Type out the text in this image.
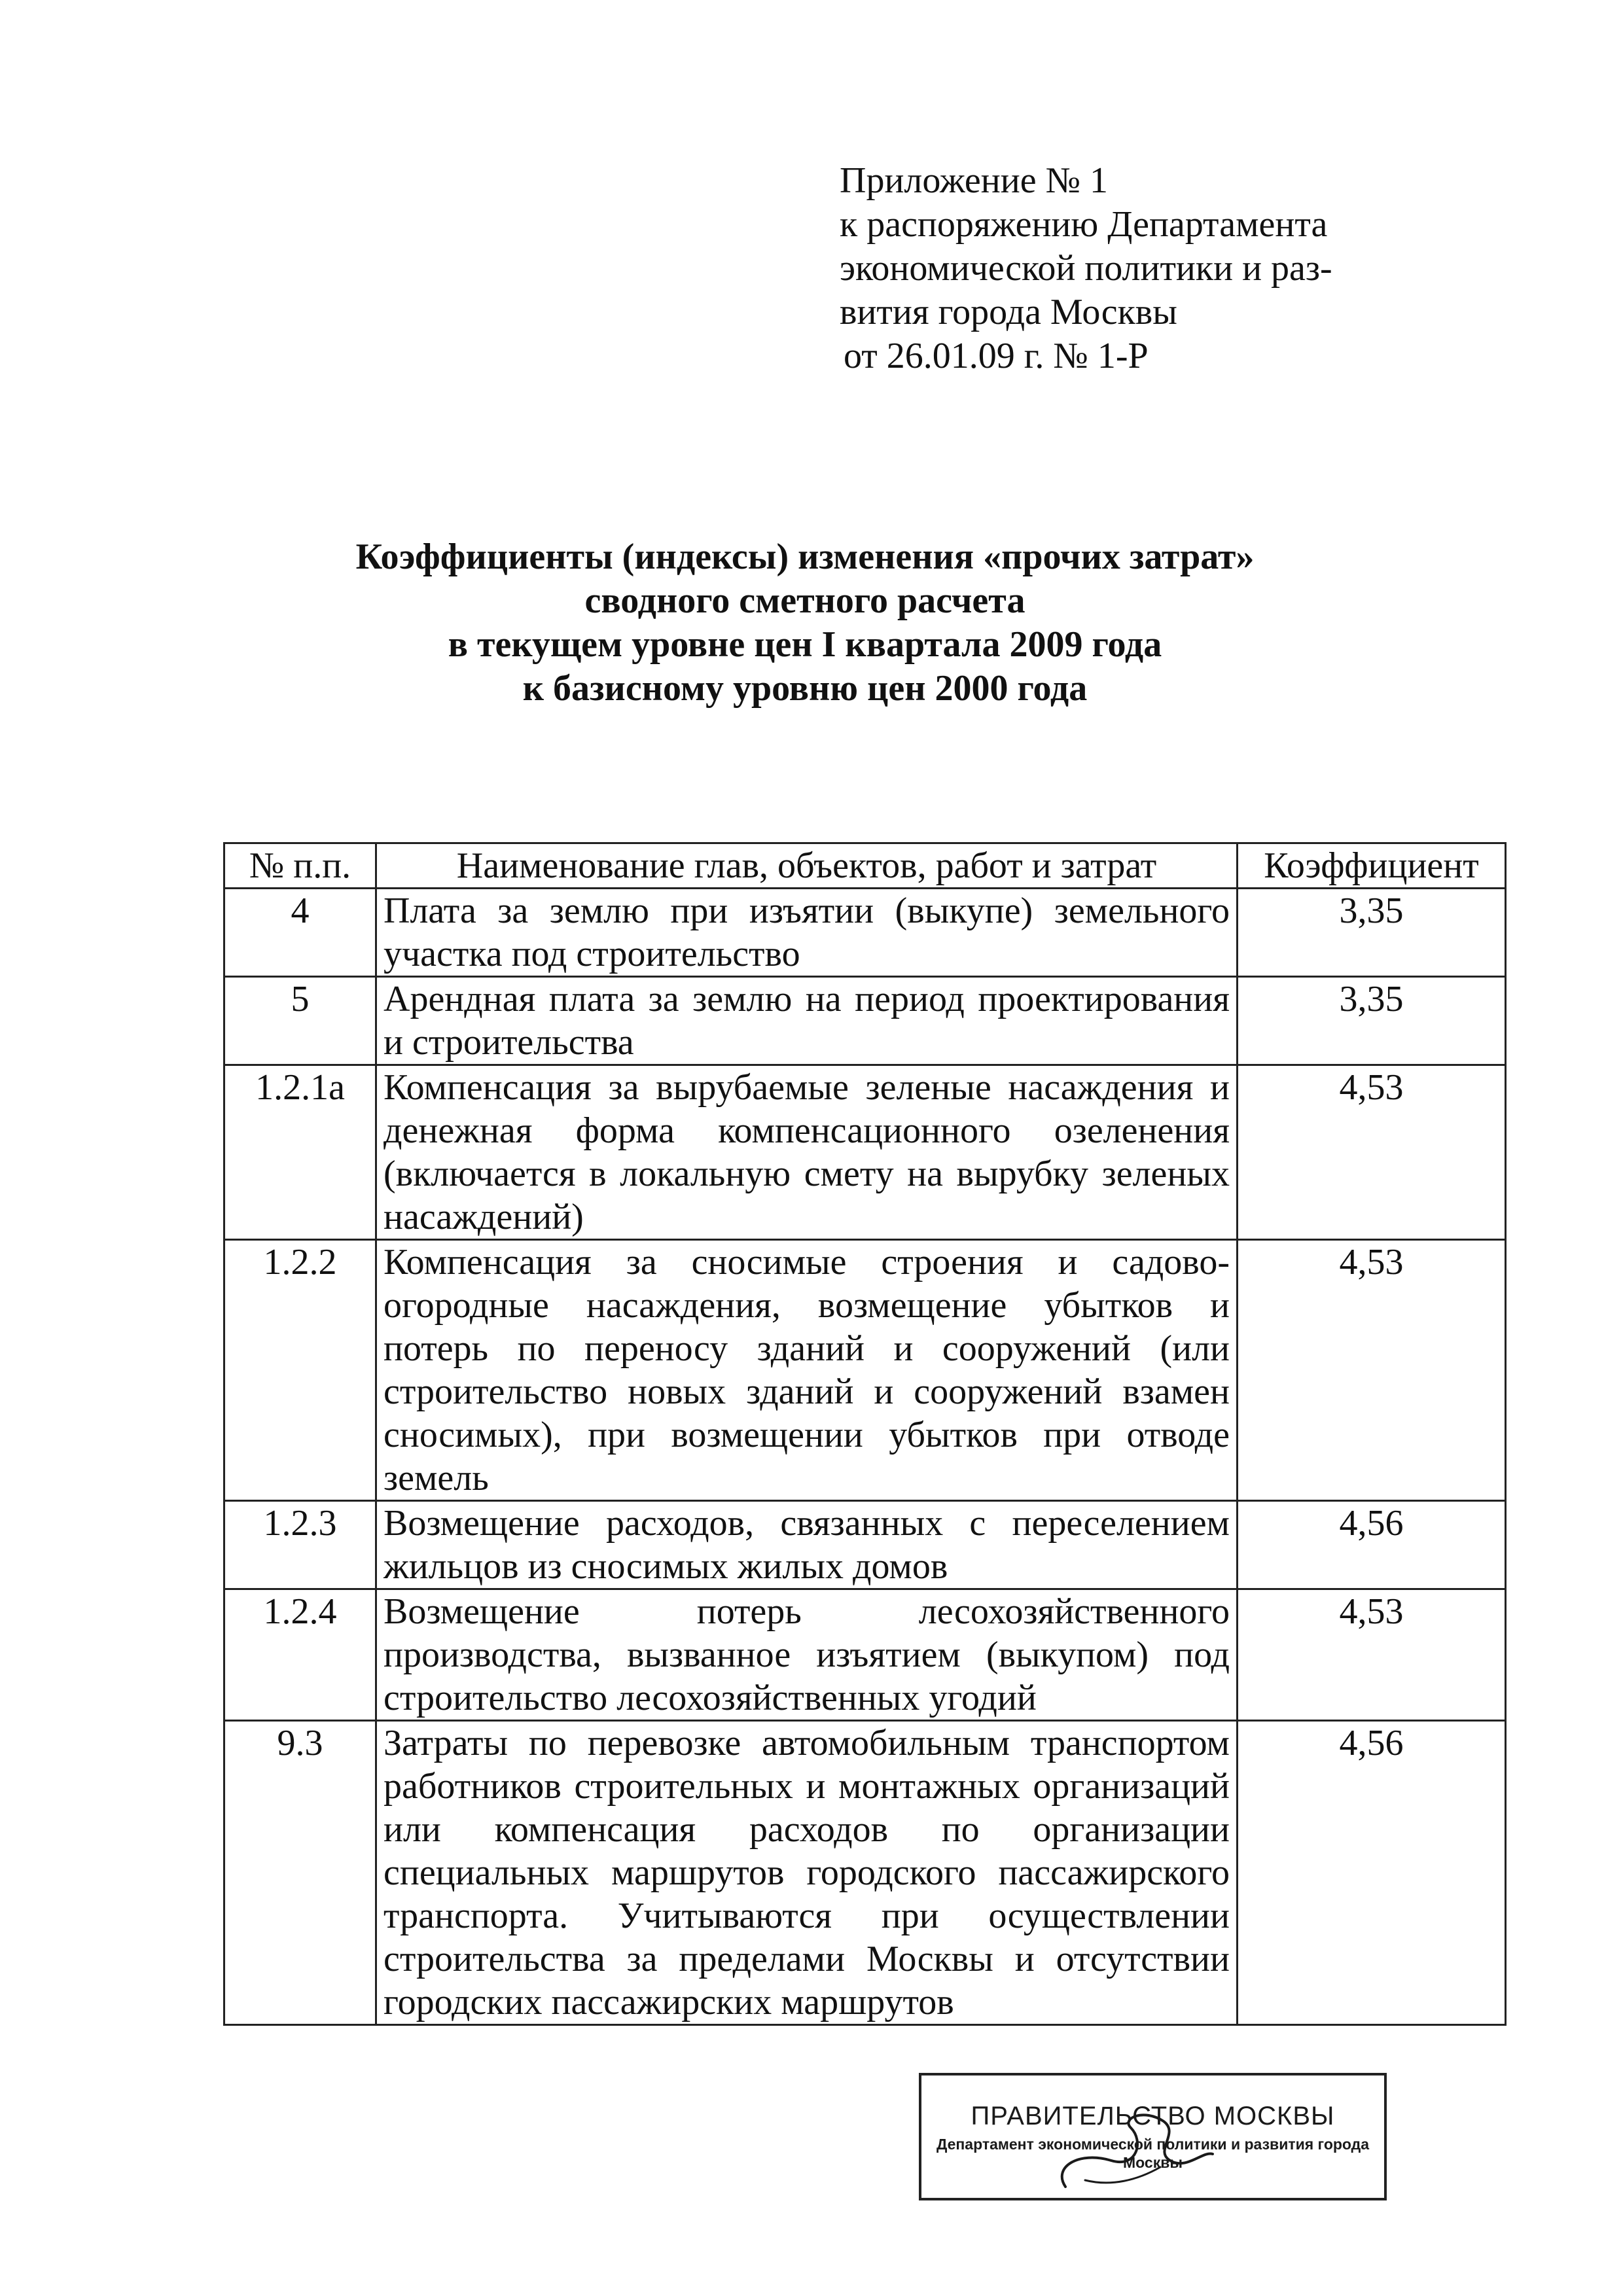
Приложение № 1
к распоряжению Департамента
экономической политики и раз-
вития города Москвы
от 26.01.09 г. № 1-Р
Коэффициенты (индексы) изменения «прочих затрат»
сводного сметного расчета
в текущем уровне цен I квартала 2009 года
к базисному уровню цен 2000 года
№ п.п.	Наименование глав, объектов, работ и затрат	Коэффициент
4	Плата за землю при изъятии (выкупе) земельного участка под строительство	3,35
5	Арендная плата за землю на период проектирования и строительства	3,35
1.2.1а	Компенсация за вырубаемые зеленые насаждения и денежная форма компенсационного озеленения (включается в локальную смету на вырубку зеленых насаждений)	4,53
1.2.2	Компенсация за сносимые строения и садово-огородные насаждения, возмещение убытков и потерь по переносу зданий и сооружений (или строительство новых зданий и сооружений взамен сносимых), при возмещении убытков при отводе земель	4,53
1.2.3	Возмещение расходов, связанных с переселением жильцов из сносимых жилых домов	4,56
1.2.4	Возмещение потерь лесохозяйственного производства, вызванное изъятием (выкупом) под строительство лесохозяйственных угодий	4,53
9.3	Затраты по перевозке автомобильным транспортом работников строительных и монтажных организаций или компенсация расходов по организации специальных маршрутов городского пассажирского транспорта. Учитываются при осуществлении строительства за пределами Москвы и отсутствии городских пассажирских маршрутов	4,56
ПРАВИТЕЛЬСТВО МОСКВЫ
Департамент экономической политики и развития города Москвы
